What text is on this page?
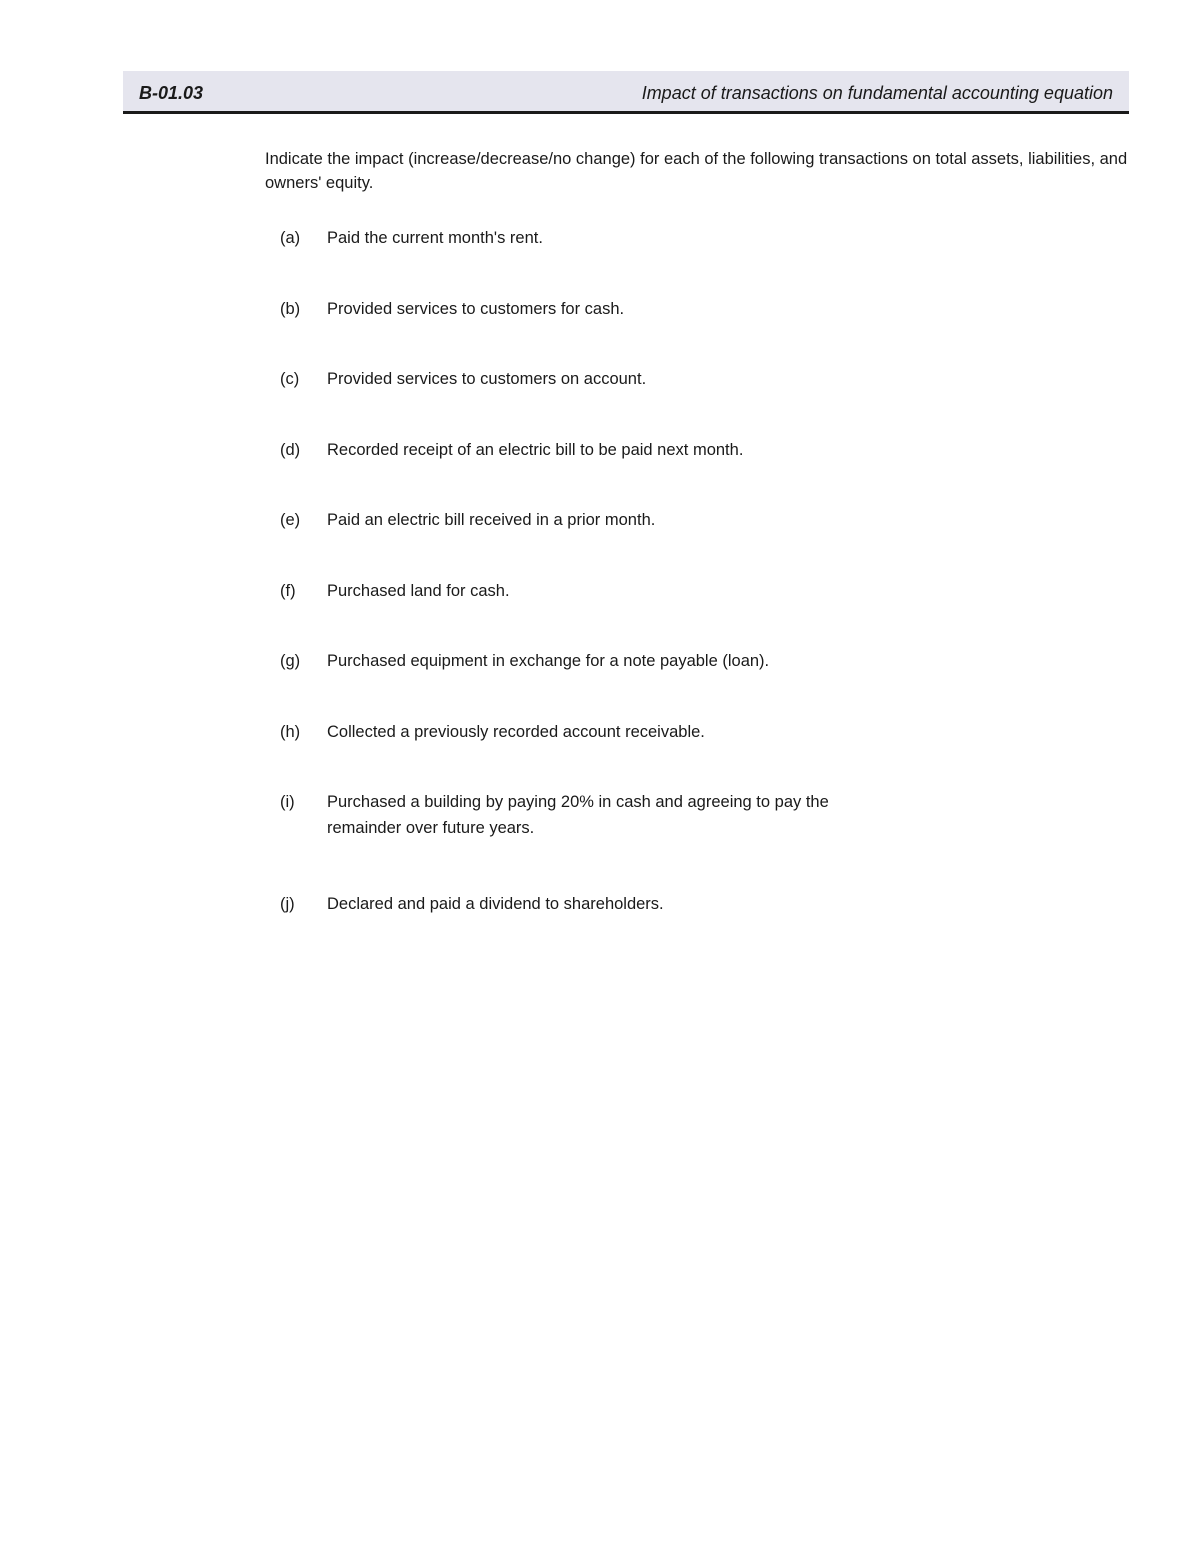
B-01.03	Impact of transactions on fundamental accounting equation
Indicate the impact (increase/decrease/no change) for each of the following transactions on total assets, liabilities, and owners' equity.
(a)	Paid the current month's rent.
(b)	Provided services to customers for cash.
(c)	Provided services to customers on account.
(d)	Recorded receipt of an electric bill to be paid next month.
(e)	Paid an electric bill received in a prior month.
(f)	Purchased land for cash.
(g)	Purchased equipment in exchange for a note payable (loan).
(h)	Collected a previously recorded account receivable.
(i)	Purchased a building by paying 20% in cash and agreeing to pay the remainder over future years.
(j)	Declared and paid a dividend to shareholders.
